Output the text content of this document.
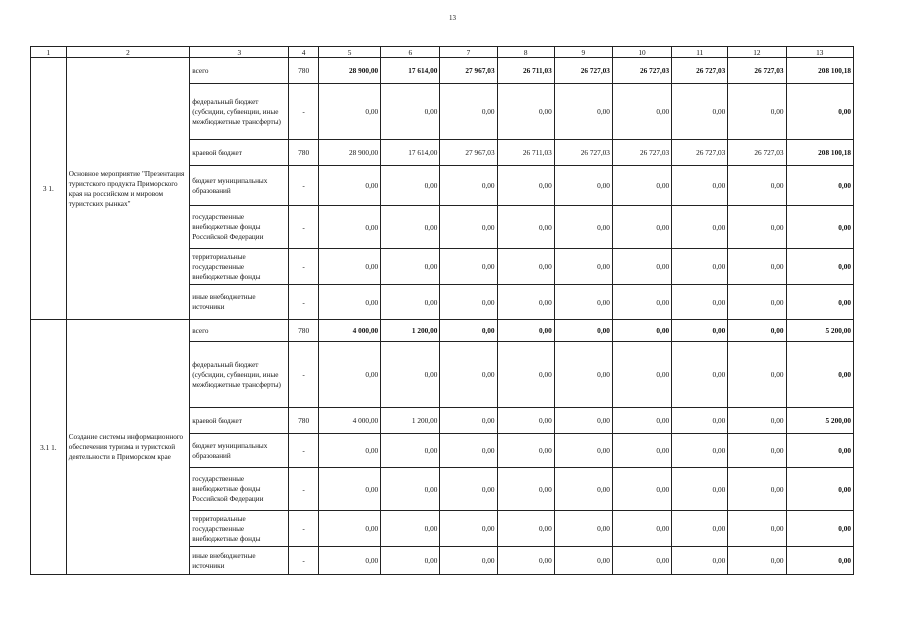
13
1	2	3	4	5	6	7	8	9	10	11	12	13
3 1.	Основное мероприятие "Презентация туристского продукта Приморского края на российском и мировом туристских рынках"	всего	780	28 900,00	17 614,00	27 967,03	26 711,03	26 727,03	26 727,03	26 727,03	26 727,03	208 100,18
		федеральный бюджет (субсидии, субвенции, иные межбюджетные трансферты)	-	0,00	0,00	0,00	0,00	0,00	0,00	0,00	0,00	0,00
		краевой бюджет	780	28 900,00	17 614,00	27 967,03	26 711,03	26 727,03	26 727,03	26 727,03	26 727,03	208 100,18
		бюджет муниципальных образований	-	0,00	0,00	0,00	0,00	0,00	0,00	0,00	0,00	0,00
		государственные внебюджетные фонды Российской Федерации	-	0,00	0,00	0,00	0,00	0,00	0,00	0,00	0,00	0,00
		территориальные государственные внебюджетные фонды	-	0,00	0,00	0,00	0,00	0,00	0,00	0,00	0,00	0,00
		иные внебюджетные источники	-	0,00	0,00	0,00	0,00	0,00	0,00	0,00	0,00	0,00
3.1 1.	Создание системы информационного обеспечения туризма и туристской деятельности в Приморском крае	всего	780	4 000,00	1 200,00	0,00	0,00	0,00	0,00	0,00	0,00	5 200,00
		федеральный бюджет (субсидии, субвенции, иные межбюджетные трансферты)	-	0,00	0,00	0,00	0,00	0,00	0,00	0,00	0,00	0,00
		краевой бюджет	780	4 000,00	1 200,00	0,00	0,00	0,00	0,00	0,00	0,00	5 200,00
		бюджет муниципальных образований	-	0,00	0,00	0,00	0,00	0,00	0,00	0,00	0,00	0,00
		государственные внебюджетные фонды Российской Федерации	-	0,00	0,00	0,00	0,00	0,00	0,00	0,00	0,00	0,00
		территориальные государственные внебюджетные фонды	-	0,00	0,00	0,00	0,00	0,00	0,00	0,00	0,00	0,00
		иные внебюджетные источники	-	0,00	0,00	0,00	0,00	0,00	0,00	0,00	0,00	0,00
